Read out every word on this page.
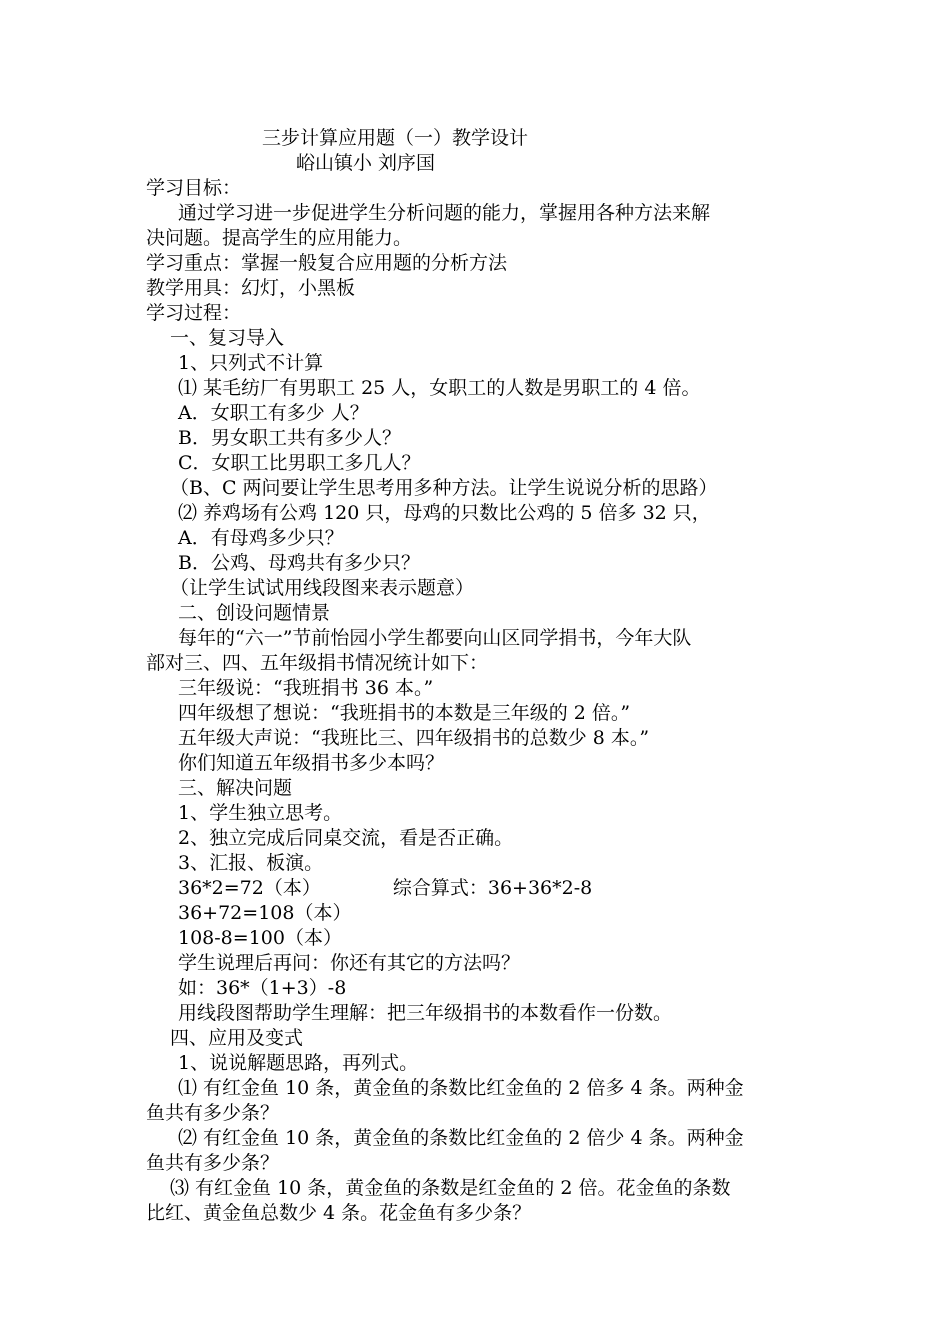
三步计算应用题（一）教学设计
峪山镇小 刘序国
学习目标：
通过学习进一步促进学生分析问题的能力，掌握用各种方法来解
决问题。提高学生的应用能力。
学习重点：掌握一般复合应用题的分析方法
教学用具：幻灯，小黑板
学习过程：
一、复习导入
1、只列式不计算
⑴ 某毛纺厂有男职工 25 人，女职工的人数是男职工的 4 倍。
A．女职工有多少 人？
B．男女职工共有多少人？
C．女职工比男职工多几人？
（B、C 两问要让学生思考用多种方法。让学生说说分析的思路）
⑵ 养鸡场有公鸡 120 只，母鸡的只数比公鸡的 5 倍多 32 只，
A．有母鸡多少只？
B．公鸡、母鸡共有多少只？
（让学生试试用线段图来表示题意）
二、创设问题情景
每年的“六一”节前怡园小学生都要向山区同学捐书，今年大队
部对三、四、五年级捐书情况统计如下：
三年级说：“我班捐书 36 本。”
四年级想了想说：“我班捐书的本数是三年级的 2 倍。”
五年级大声说：“我班比三、四年级捐书的总数少 8 本。”
你们知道五年级捐书多少本吗？
三、解决问题
1、学生独立思考。
2、独立完成后同桌交流，看是否正确。
3、汇报、板演。
36*2=72（本）	综合算式：36+36*2-8
36+72=108（本）
108-8=100（本）
学生说理后再问：你还有其它的方法吗？
如：36*（1+3）-8
用线段图帮助学生理解：把三年级捐书的本数看作一份数。
四、应用及变式
1、说说解题思路，再列式。
⑴ 有红金鱼 10 条，黄金鱼的条数比红金鱼的 2 倍多 4 条。两种金
鱼共有多少条？
⑵ 有红金鱼 10 条，黄金鱼的条数比红金鱼的 2 倍少 4 条。两种金
鱼共有多少条？
⑶ 有红金鱼 10 条，黄金鱼的条数是红金鱼的 2 倍。花金鱼的条数
比红、黄金鱼总数少 4 条。花金鱼有多少条？
